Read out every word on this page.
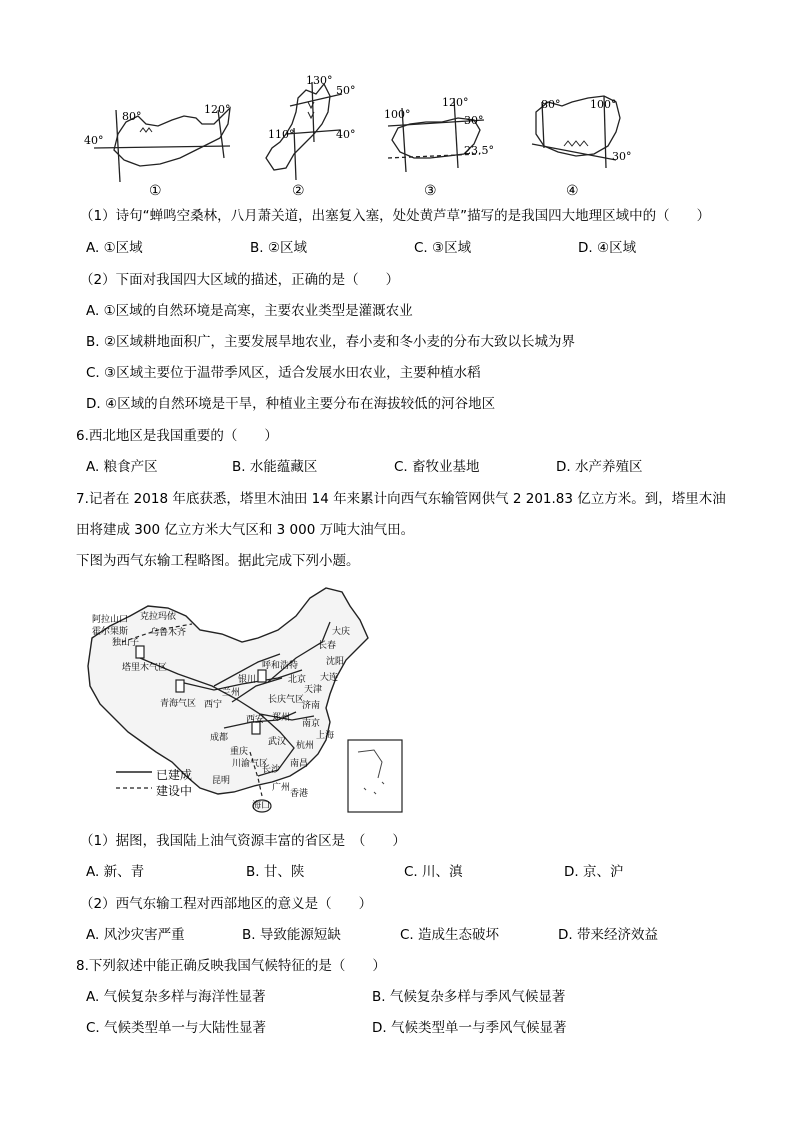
80°
120°
40°
130°
50°
110°	40°
100°
120°
30°
23.5°
80°	100°
30°
①	②	③	④
（1）诗句“蝉鸣空桑林，八月萧关道，出塞复入塞，处处黄芦草”描写的是我国四大地理区域中的（　　）
A. ①区域	B. ②区域	C. ③区域	D. ④区域
（2）下面对我国四大区域的描述，正确的是（　　）
A. ①区域的自然环境是高寒，主要农业类型是灌溉农业
B. ②区域耕地面积广，主要发展旱地农业，春小麦和冬小麦的分布大致以长城为界
C. ③区域主要位于温带季风区，适合发展水田农业，主要种植水稻
D. ④区域的自然环境是干旱，种植业主要分布在海拔较低的河谷地区
6.西北地区是我国重要的（　　）
A. 粮食产区	B. 水能蕴藏区	C. 畜牧业基地	D. 水产养殖区
7.记者在 2018 年底获悉，塔里木油田 14 年来累计向西气东输管网供气 2 201.83 亿立方米。到，塔里木油
田将建成 300 亿立方米大气区和 3 000 万吨大油气田。
下图为西气东输工程略图。据此完成下列小题。
阿拉山口
霍尔果斯
克拉玛依
乌鲁木齐
独山子
塔里木气区
青海气区 西宁
兰州
银川
呼和浩特
北京
天津
大庆
长春
沈阳
大连
长庆气区
西安 郑州
济南
南京
上海
杭州
武汉
南昌
长沙
成都
重庆
川渝气区
昆明
广州
香港
海口
已建成
建设中
（1）据图，我国陆上油气资源丰富的省区是　（　　）
A. 新、青	B. 甘、陕	C. 川、滇	D. 京、沪
（2）西气东输工程对西部地区的意义是（　　）
A. 风沙灾害严重	B. 导致能源短缺	C. 造成生态破坏	D. 带来经济效益
8.下列叙述中能正确反映我国气候特征的是（　　）
A. 气候复杂多样与海洋性显著	B. 气候复杂多样与季风气候显著
C. 气候类型单一与大陆性显著	D. 气候类型单一与季风气候显著
